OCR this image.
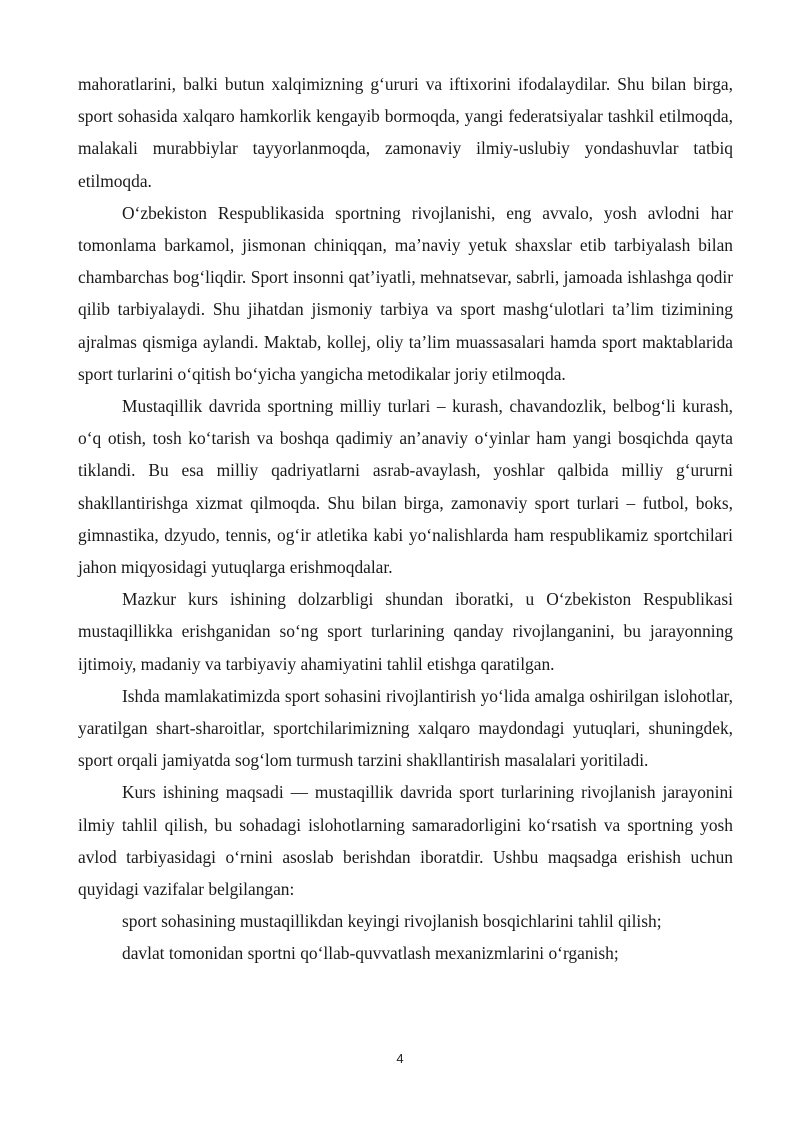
mahoratlarini, balki butun xalqimizning g‘ururi va iftixorini ifodalaydilar. Shu bilan birga, sport sohasida xalqaro hamkorlik kengayib bormoqda, yangi federatsiyalar tashkil etilmoqda, malakali murabbiylar tayyorlanmoqda, zamonaviy ilmiy-uslubiy yondashuvlar tatbiq etilmoqda.

O‘zbekiston Respublikasida sportning rivojlanishi, eng avvalo, yosh avlodni har tomonlama barkamol, jismonan chiniqqan, ma’naviy yetuk shaxslar etib tarbiyalash bilan chambarchas bog‘liqdir. Sport insonni qat’iyatli, mehnatsevar, sabrli, jamoada ishlashga qodir qilib tarbiyalaydi. Shu jihatdan jismoniy tarbiya va sport mashg‘ulotlari ta’lim tizimining ajralmas qismiga aylandi. Maktab, kollej, oliy ta’lim muassasalari hamda sport maktablarida sport turlarini o‘qitish bo‘yicha yangicha metodikalar joriy etilmoqda.

Mustaqillik davrida sportning milliy turlari – kurash, chavandozlik, belbog‘li kurash, o‘q otish, tosh ko‘tarish va boshqa qadimiy an’anaviy o‘yinlar ham yangi bosqichda qayta tiklandi. Bu esa milliy qadriyatlarni asrab-avaylash, yoshlar qalbida milliy g‘ururni shakllantirishga xizmat qilmoqda. Shu bilan birga, zamonaviy sport turlari – futbol, boks, gimnastika, dzyudo, tennis, og‘ir atletika kabi yo‘nalishlarda ham respublikamiz sportchilari jahon miqyosidagi yutuqlarga erishmoqdalar.

Mazkur kurs ishining dolzarbligi shundan iboratki, u O‘zbekiston Respublikasi mustaqillikka erishganidan so‘ng sport turlarining qanday rivojlanganini, bu jarayonning ijtimoiy, madaniy va tarbiyaviy ahamiyatini tahlil etishga qaratilgan.

Ishda mamlakatimizda sport sohasini rivojlantirish yo‘lida amalga oshirilgan islohotlar, yaratilgan shart-sharoitlar, sportchilarimizning xalqaro maydondagi yutuqlari, shuningdek, sport orqali jamiyatda sog‘lom turmush tarzini shakllantirish masalalari yoritiladi.

Kurs ishining maqsadi — mustaqillik davrida sport turlarining rivojlanish jarayonini ilmiy tahlil qilish, bu sohadagi islohotlarning samaradorligini ko‘rsatish va sportning yosh avlod tarbiyasidagi o‘rnini asoslab berishdan iboratdir. Ushbu maqsadga erishish uchun quyidagi vazifalar belgilangan:

sport sohasining mustaqillikdan keyingi rivojlanish bosqichlarini tahlil qilish;

davlat tomonidan sportni qo‘llab-quvvatlash mexanizmlarini o‘rganish;

4
